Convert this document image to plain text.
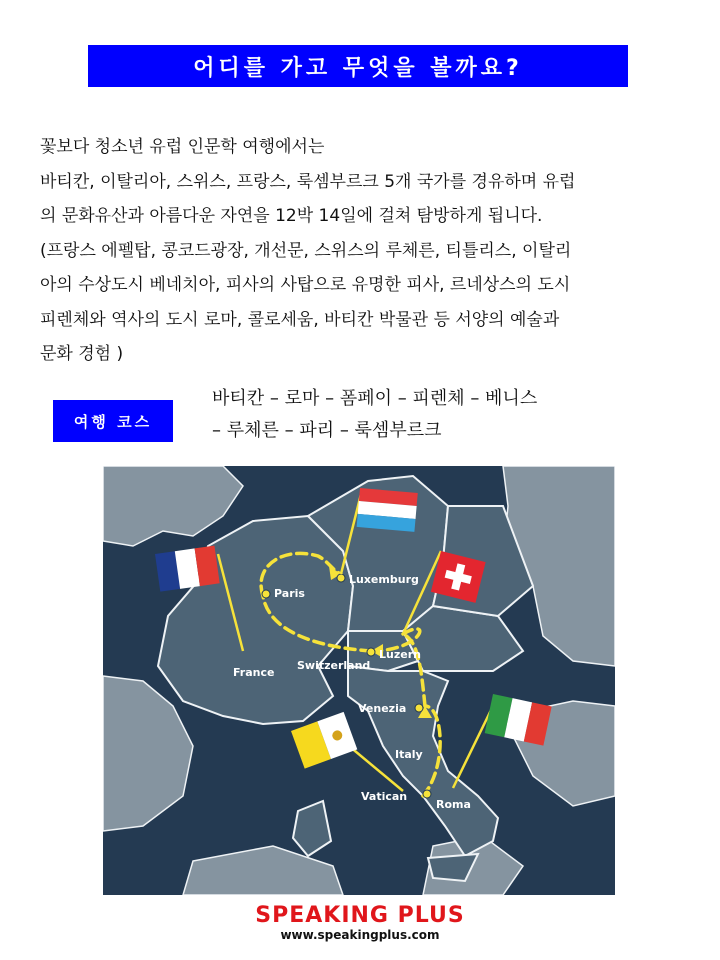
어디를 가고 무엇을 볼까요?
꽃보다 청소년 유럽 인문학 여행에서는
바티칸, 이탈리아, 스위스, 프랑스, 룩셈부르크 5개 국가를 경유하며 유럽
의 문화유산과 아름다운 자연을 12박 14일에 걸쳐 탐방하게 됩니다.
(프랑스 에펠탑, 콩코드광장, 개선문, 스위스의 루체른, 티틀리스, 이탈리
아의 수상도시 베네치아, 피사의 사탑으로 유명한 피사, 르네상스의 도시
피렌체와 역사의 도시 로마, 콜로세움, 바티칸 박물관 등 서양의 예술과
문화 경험 )
여행 코스
바티칸 – 로마 – 폼페이 – 피렌체 – 베니스
– 루체른 – 파리 – 룩셈부르크
Paris
Luxemburg
France
Switzerland
Luzern
Venezia
Italy
Vatican
Roma
SPEAKING PLUS
www.speakingplus.com
